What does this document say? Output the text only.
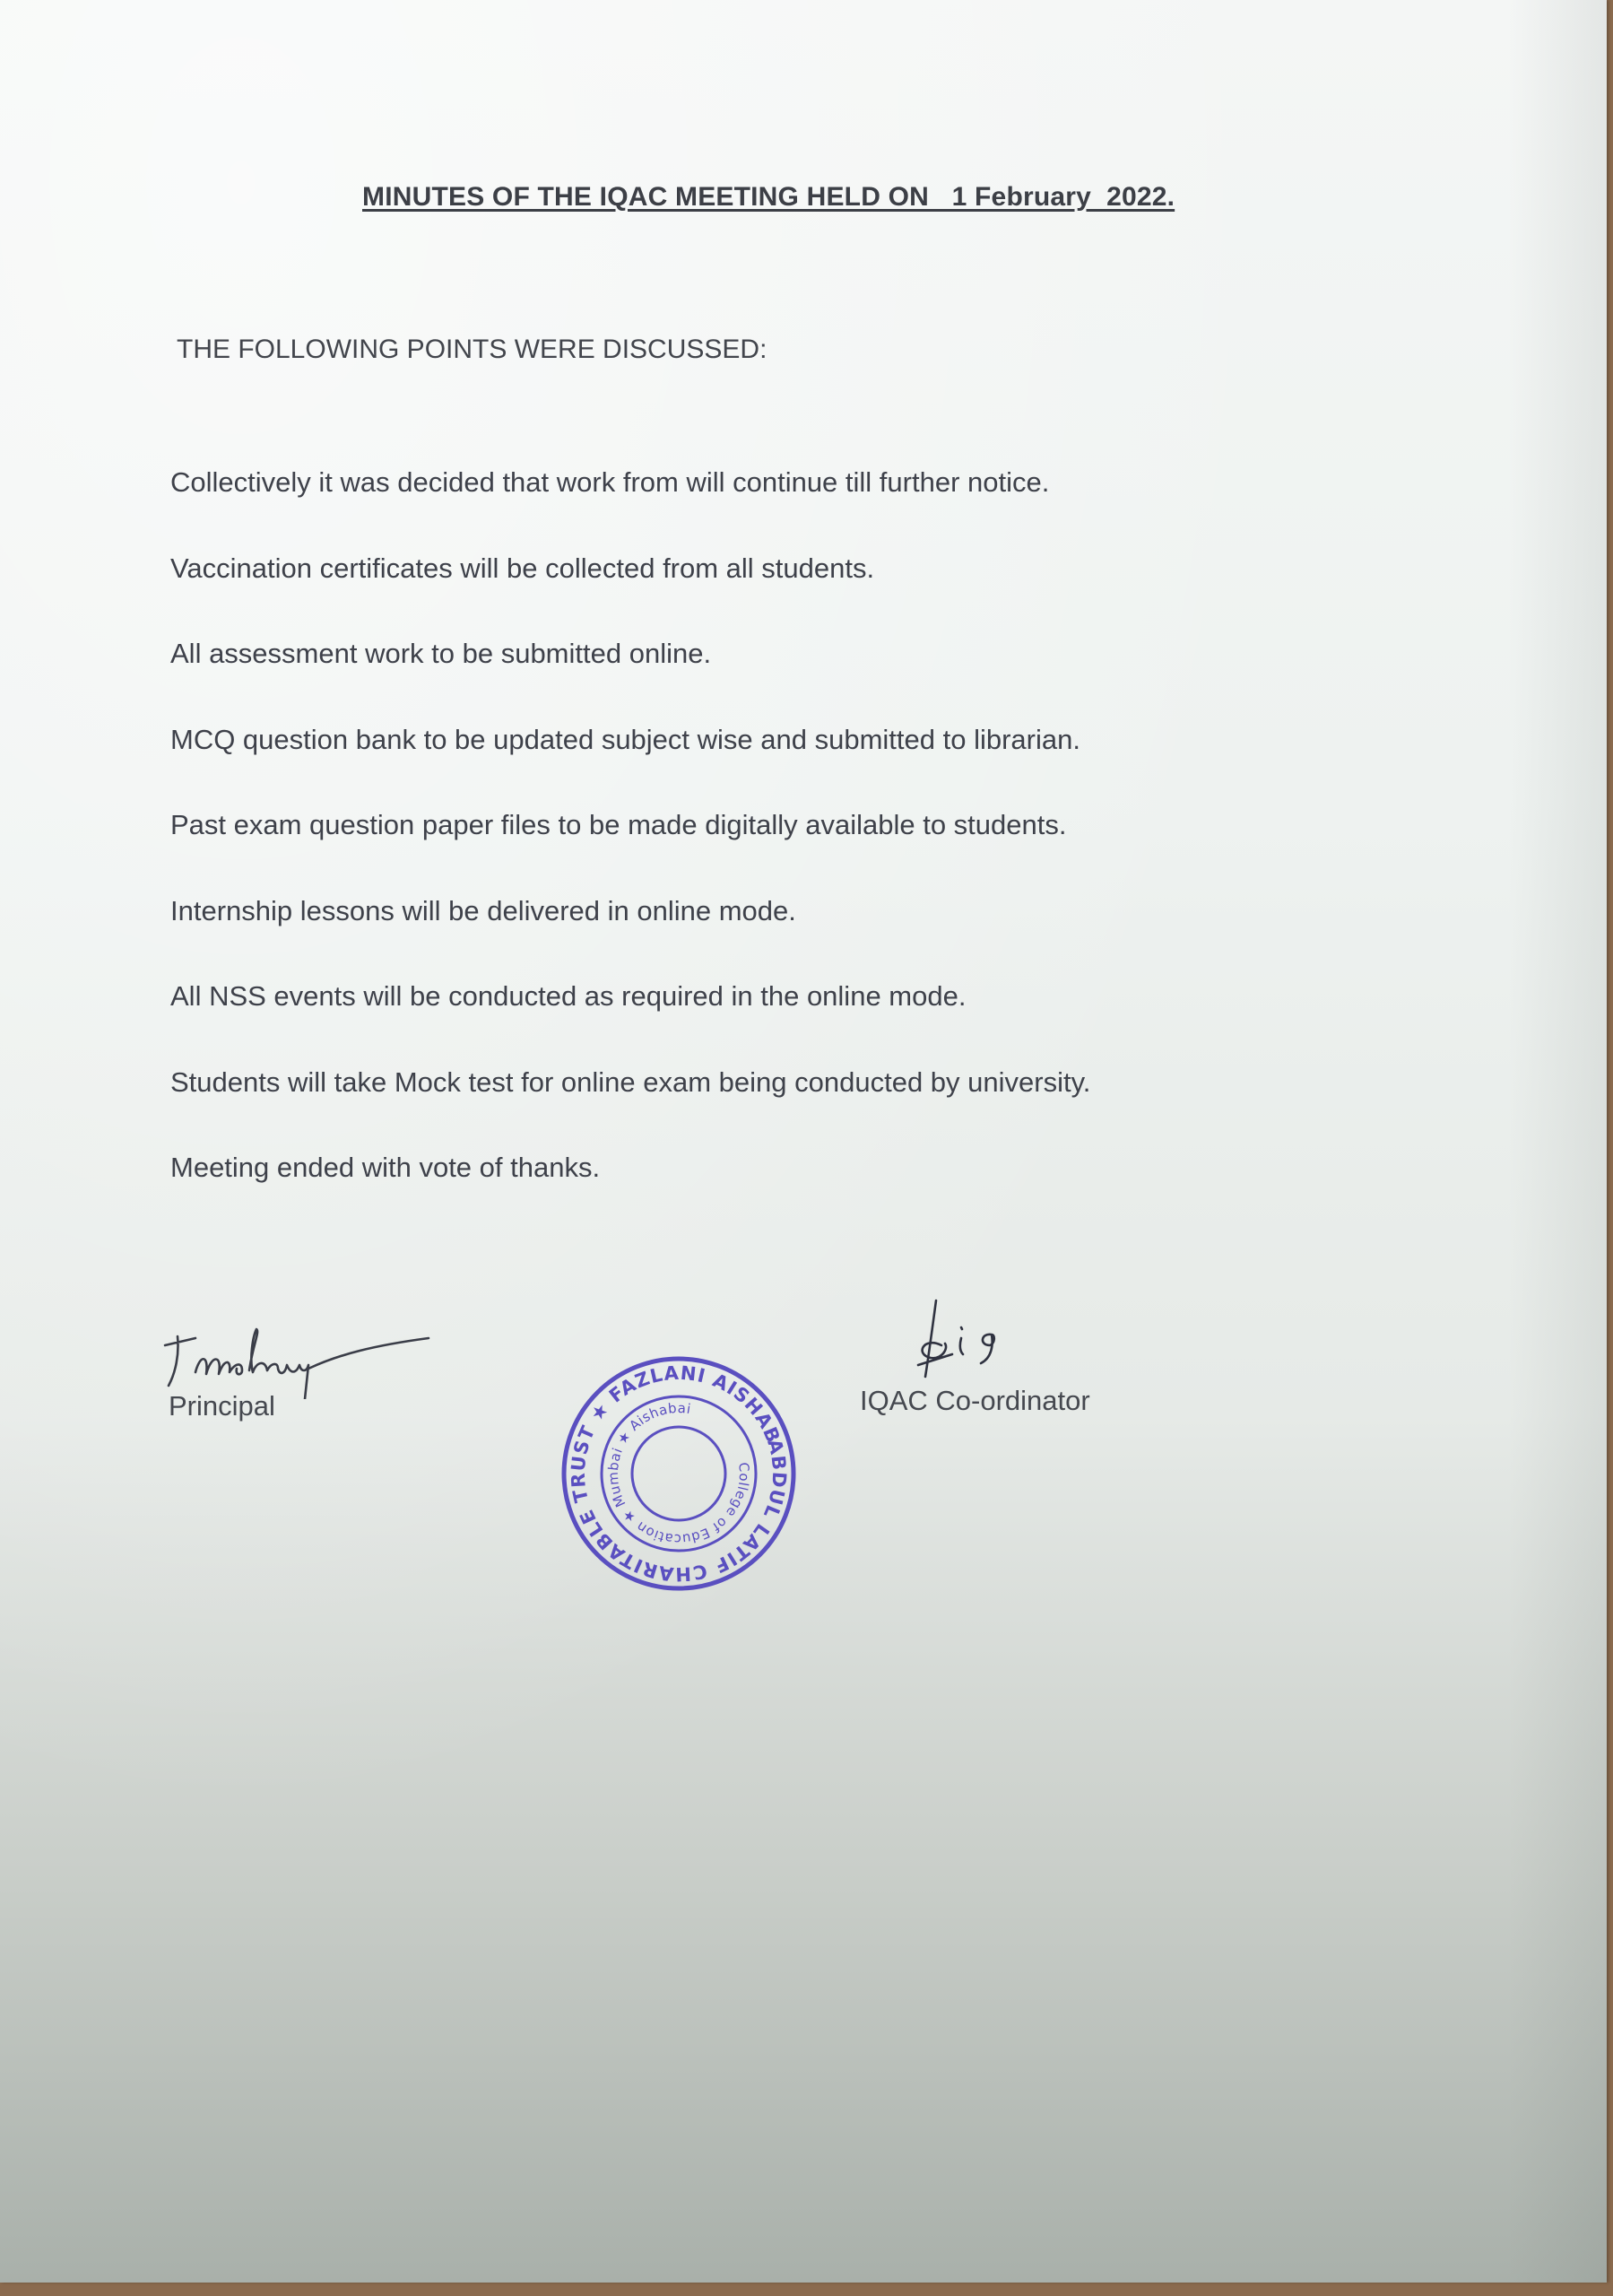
MINUTES OF THE IQAC MEETING HELD ON   1 February  2022.
THE FOLLOWING POINTS WERE DISCUSSED:
Collectively it was decided that work from will continue till further notice.
Vaccination certificates will be collected from all students.
All assessment work to be submitted online.
MCQ question bank to be updated subject wise and submitted to librarian.
Past exam question paper files to be made digitally available to students.
Internship lessons will be delivered in online mode.
All NSS events will be conducted as required in the online mode.
Students will take Mock test for online exam being conducted by university.
Meeting ended with vote of thanks.
Principal	IQAC Co-ordinator
ABDUL LATIF CHARITABLE TRUST ★ FAZLANI AISHABAI
College of Education ★ Mumbai ★ Aishabai
